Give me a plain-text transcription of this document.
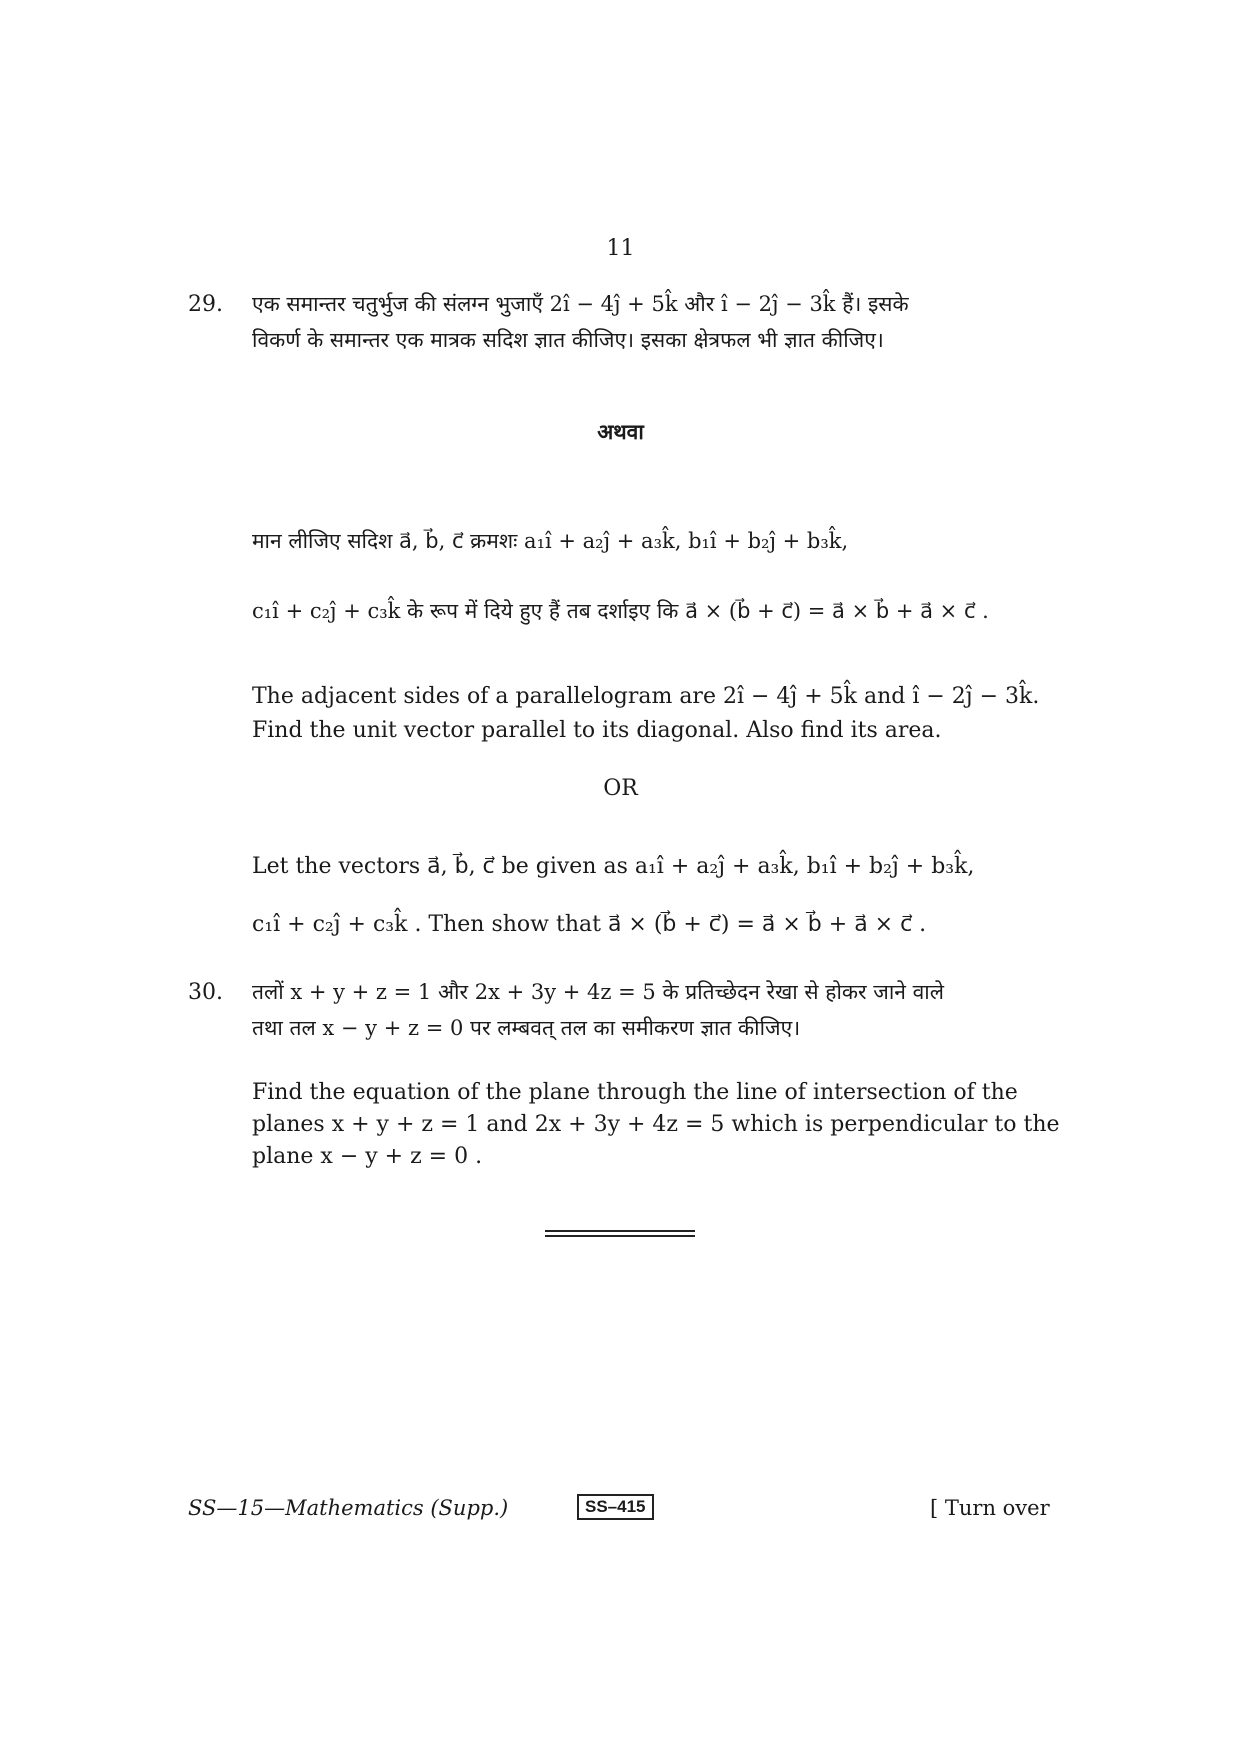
11
29. एक समान्तर चतुर्भुज की संलग्न भुजाएँ 2î − 4ĵ + 5k̂ और î − 2ĵ − 3k̂ हैं। इसके
विकर्ण के समान्तर एक मात्रक सदिश ज्ञात कीजिए। इसका क्षेत्रफल भी ज्ञात कीजिए।
अथवा
मान लीजिए सदिश a⃗, b⃗, c⃗ क्रमशः a₁î + a₂ĵ + a₃k̂, b₁î + b₂ĵ + b₃k̂,
c₁î + c₂ĵ + c₃k̂ के रूप में दिये हुए हैं तब दर्शाइए कि a⃗ × (b⃗ + c⃗) = a⃗ × b⃗ + a⃗ × c⃗ .
The adjacent sides of a parallelogram are 2î − 4ĵ + 5k̂ and î − 2ĵ − 3k̂.
Find the unit vector parallel to its diagonal. Also find its area.
OR
Let the vectors a⃗, b⃗, c⃗ be given as a₁î + a₂ĵ + a₃k̂, b₁î + b₂ĵ + b₃k̂,
c₁î + c₂ĵ + c₃k̂ . Then show that a⃗ × (b⃗ + c⃗) = a⃗ × b⃗ + a⃗ × c⃗ .
30. तलों x + y + z = 1 और 2x + 3y + 4z = 5 के प्रतिच्छेदन रेखा से होकर जाने वाले
तथा तल x − y + z = 0 पर लम्बवत् तल का समीकरण ज्ञात कीजिए।
Find the equation of the plane through the line of intersection of the
planes x + y + z = 1 and 2x + 3y + 4z = 5 which is perpendicular to the
plane x − y + z = 0 .
SS—15—Mathematics (Supp.)	SS–415	[ Turn over
